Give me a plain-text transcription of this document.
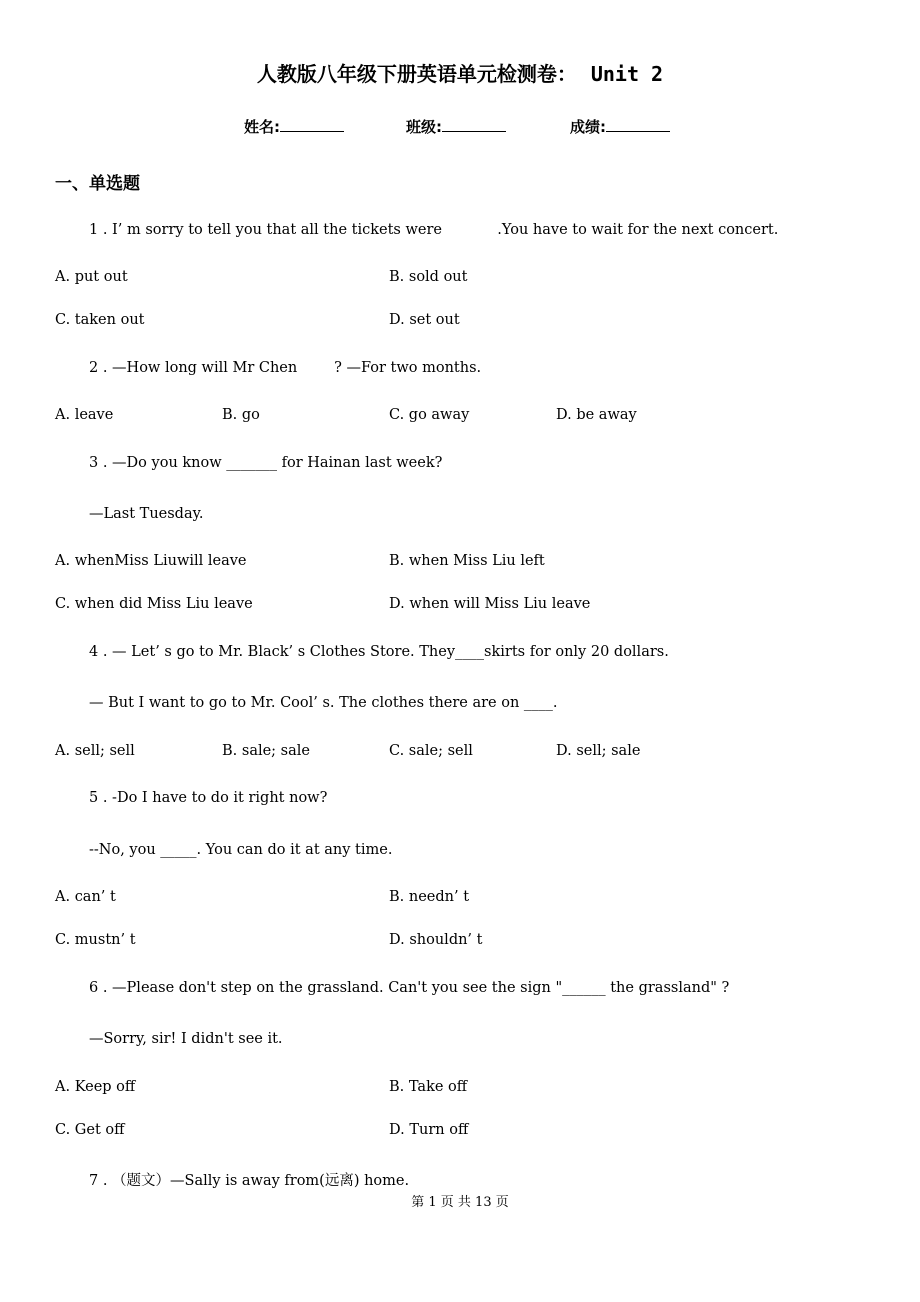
人教版八年级下册英语单元检测卷： Unit 2
姓名:	班级:	成绩:
一、单选题
1 . I’ m sorry to tell you that all the tickets were            .You have to wait for the next concert.
A. put out	B. sold out
C. taken out	D. set out
2 . —How long will Mr Chen        ? —For two months.
A. leave	B. go	C. go away	D. be away
3 . —Do you know _______ for Hainan last week?
—Last Tuesday.
A. whenMiss Liuwill leave	B. when Miss Liu left
C. when did Miss Liu leave	D. when will Miss Liu leave
4 . — Let’ s go to Mr. Black’ s Clothes Store. They____skirts for only 20 dollars.
— But I want to go to Mr. Cool’ s. The clothes there are on ____.
A. sell; sell	B. sale; sale	C. sale; sell	D. sell; sale
5 . -Do I have to do it right now?
--No, you _____. You can do it at any time.
A. can’ t	B. needn’ t
C. mustn’ t	D. shouldn’ t
6 . —Please don't step on the grassland. Can't you see the sign "______ the grassland" ?
—Sorry, sir! I didn't see it.
A. Keep off	B. Take off
C. Get off	D. Turn off
7 . （题文）—Sally is away from(远离) home.
第 1 页 共 13 页
